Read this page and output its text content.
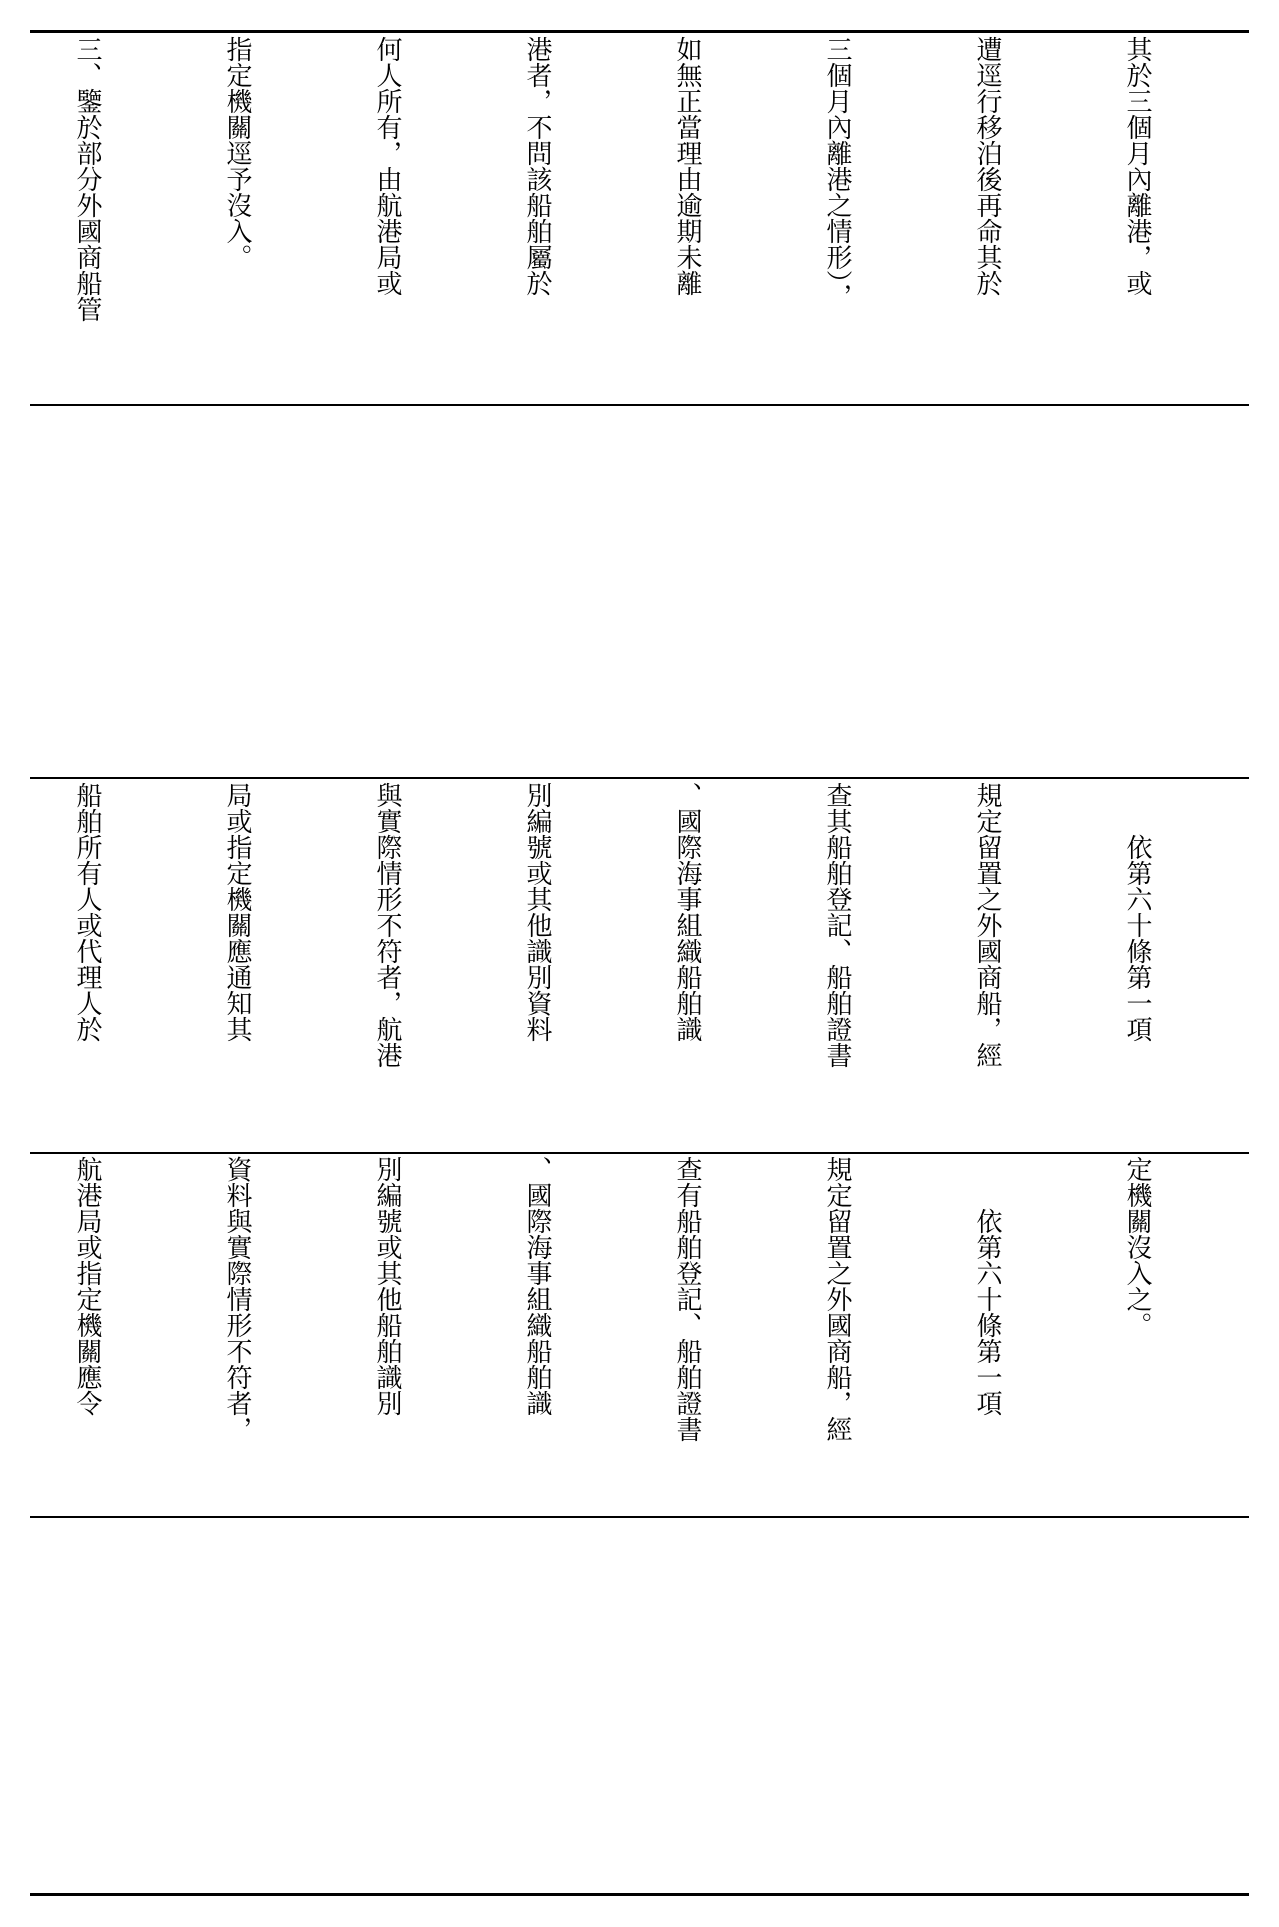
其於三個月內離港，或

遭逕行移泊後再命其於

三個月內離港之情形），

如無正當理由逾期未離

港者，不問該船舶屬於

何人所有，由航港局或

指定機關逕予沒入。

三、鑒於部分外國商船管

　　依第六十條第一項

規定留置之外國商船，經

查其船舶登記、船舶證書

、國際海事組織船舶識

別編號或其他識別資料

與實際情形不符者，航港

局或指定機關應通知其

船舶所有人或代理人於

定機關沒入之。

　　依第六十條第一項

規定留置之外國商船，經

查有船舶登記、船舶證書

、國際海事組織船舶識

別編號或其他船舶識別

資料與實際情形不符者，

航港局或指定機關應令
